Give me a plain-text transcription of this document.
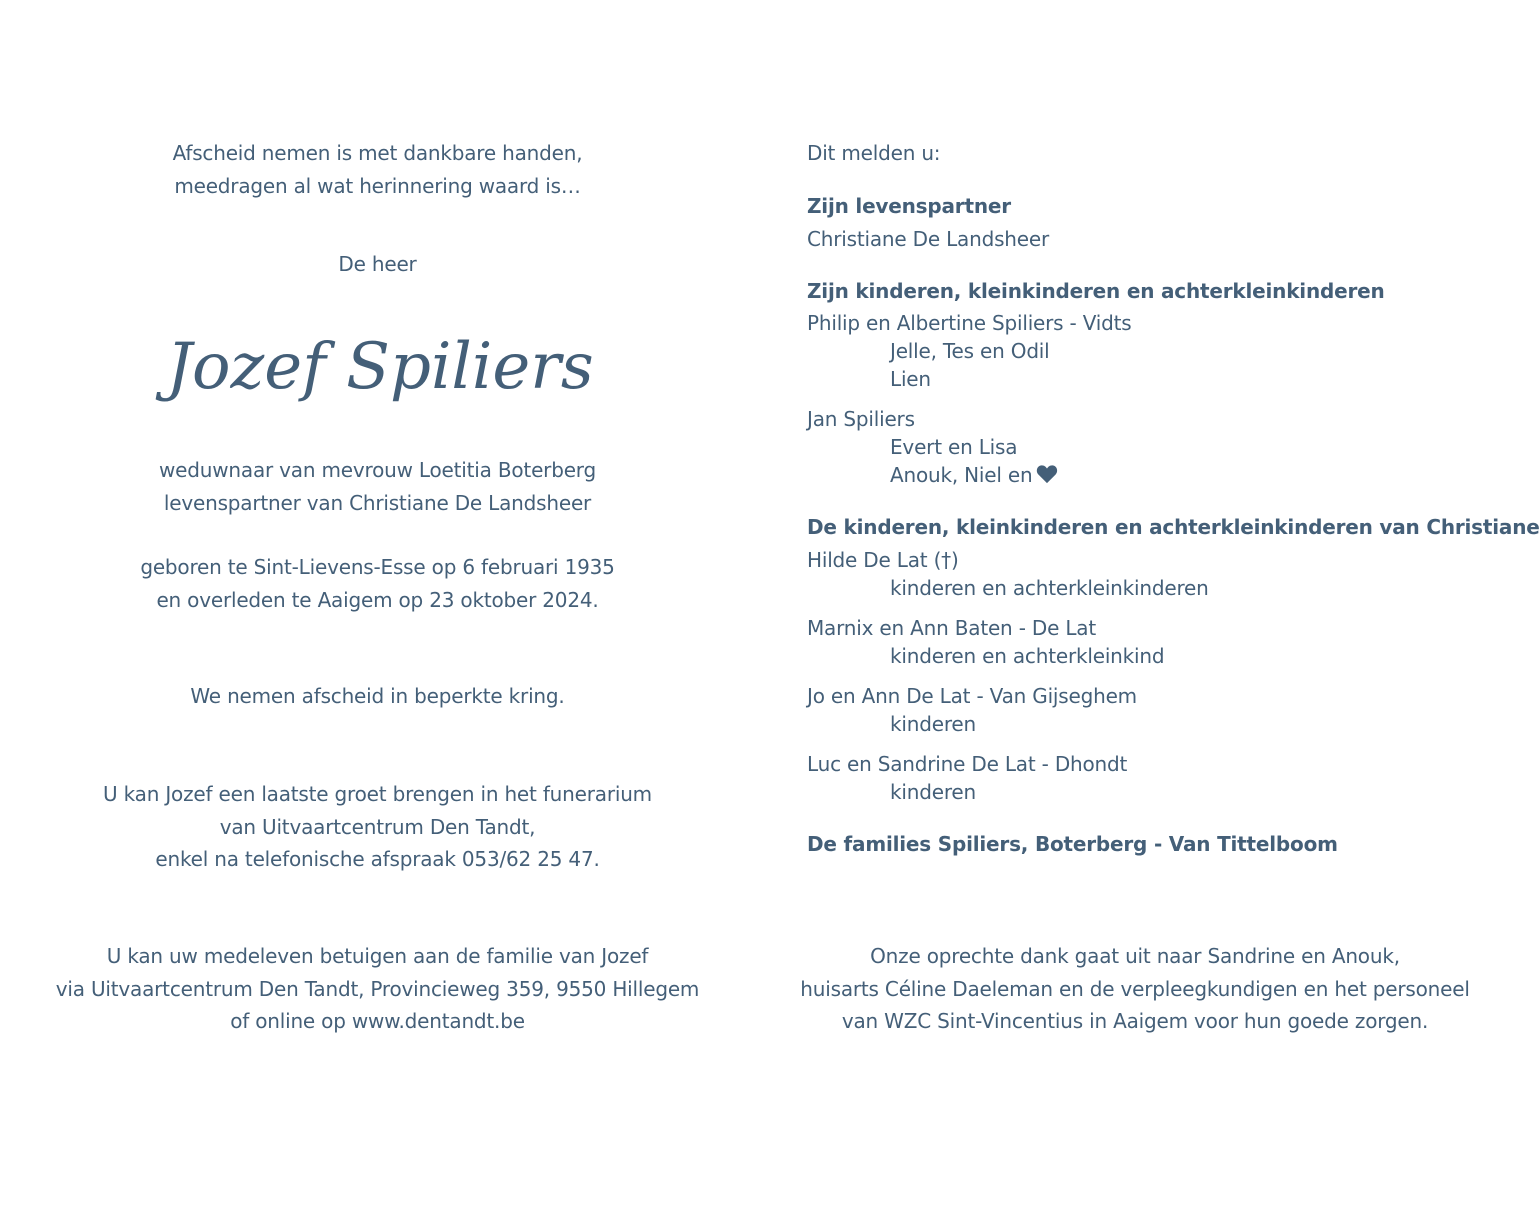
Afscheid nemen is met dankbare handen,
meedragen al wat herinnering waard is…
De heer
Jozef Spiliers
weduwnaar van mevrouw Loetitia Boterberg
levenspartner van Christiane De Landsheer
geboren te Sint-Lievens-Esse op 6 februari 1935
en overleden te Aaigem op 23 oktober 2024.
We nemen afscheid in beperkte kring.
U kan Jozef een laatste groet brengen in het funerarium
van Uitvaartcentrum Den Tandt,
enkel na telefonische afspraak 053/62 25 47.
U kan uw medeleven betuigen aan de familie van Jozef
via Uitvaartcentrum Den Tandt, Provincieweg 359, 9550 Hillegem
of online op www.dentandt.be
Dit melden u:
Zijn levenspartner
Christiane De Landsheer
Zijn kinderen, kleinkinderen en achterkleinkinderen
Philip en Albertine Spiliers - Vidts
Jelle, Tes en Odil
Lien
Jan Spiliers
Evert en Lisa
Anouk, Niel en
De kinderen, kleinkinderen en achterkleinkinderen van Christiane
Hilde De Lat (†)
kinderen en achterkleinkinderen
Marnix en Ann Baten - De Lat
kinderen en achterkleinkind
Jo en Ann De Lat - Van Gijseghem
kinderen
Luc en Sandrine De Lat - Dhondt
kinderen
De families Spiliers, Boterberg - Van Tittelboom
Onze oprechte dank gaat uit naar Sandrine en Anouk,
huisarts Céline Daeleman en de verpleegkundigen en het personeel
van WZC Sint-Vincentius in Aaigem voor hun goede zorgen.
